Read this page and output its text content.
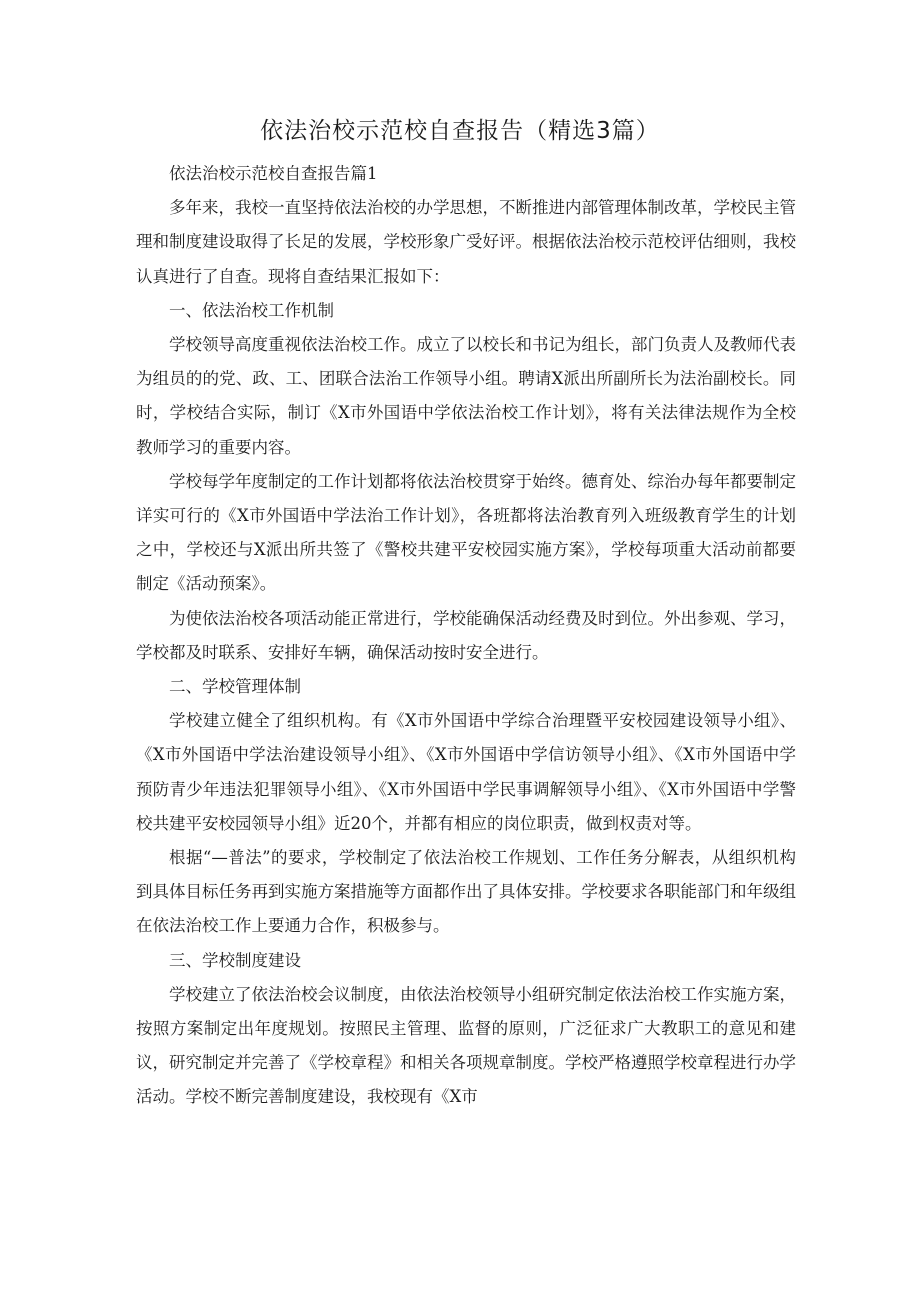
依法治校示范校自查报告（精选3篇）

依法治校示范校自查报告篇1

多年来，我校一直坚持依法治校的办学思想，不断推进内部管理体制改革，学校民主管理和制度建设取得了长足的发展，学校形象广受好评。根据依法治校示范校评估细则，我校认真进行了自查。现将自查结果汇报如下：

一、依法治校工作机制

学校领导高度重视依法治校工作。成立了以校长和书记为组长，部门负责人及教师代表为组员的的党、政、工、团联合法治工作领导小组。聘请X派出所副所长为法治副校长。同时，学校结合实际，制订《X市外国语中学依法治校工作计划》，将有关法律法规作为全校教师学习的重要内容。

学校每学年度制定的工作计划都将依法治校贯穿于始终。德育处、综治办每年都要制定详实可行的《X市外国语中学法治工作计划》，各班都将法治教育列入班级教育学生的计划之中，学校还与X派出所共签了《警校共建平安校园实施方案》，学校每项重大活动前都要制定《活动预案》。

为使依法治校各项活动能正常进行，学校能确保活动经费及时到位。外出参观、学习，学校都及时联系、安排好车辆，确保活动按时安全进行。

二、学校管理体制

学校建立健全了组织机构。有《X市外国语中学综合治理暨平安校园建设领导小组》、《X市外国语中学法治建设领导小组》、《X市外国语中学信访领导小组》、《X市外国语中学预防青少年违法犯罪领导小组》、《X市外国语中学民事调解领导小组》、《X市外国语中学警校共建平安校园领导小组》近20个，并都有相应的岗位职责，做到权责对等。

根据“—普法”的要求，学校制定了依法治校工作规划、工作任务分解表，从组织机构到具体目标任务再到实施方案措施等方面都作出了具体安排。学校要求各职能部门和年级组在依法治校工作上要通力合作，积极参与。

三、学校制度建设

学校建立了依法治校会议制度，由依法治校领导小组研究制定依法治校工作实施方案，按照方案制定出年度规划。按照民主管理、监督的原则，广泛征求广大教职工的意见和建议，研究制定并完善了《学校章程》和相关各项规章制度。学校严格遵照学校章程进行办学活动。学校不断完善制度建设，我校现有《X市
